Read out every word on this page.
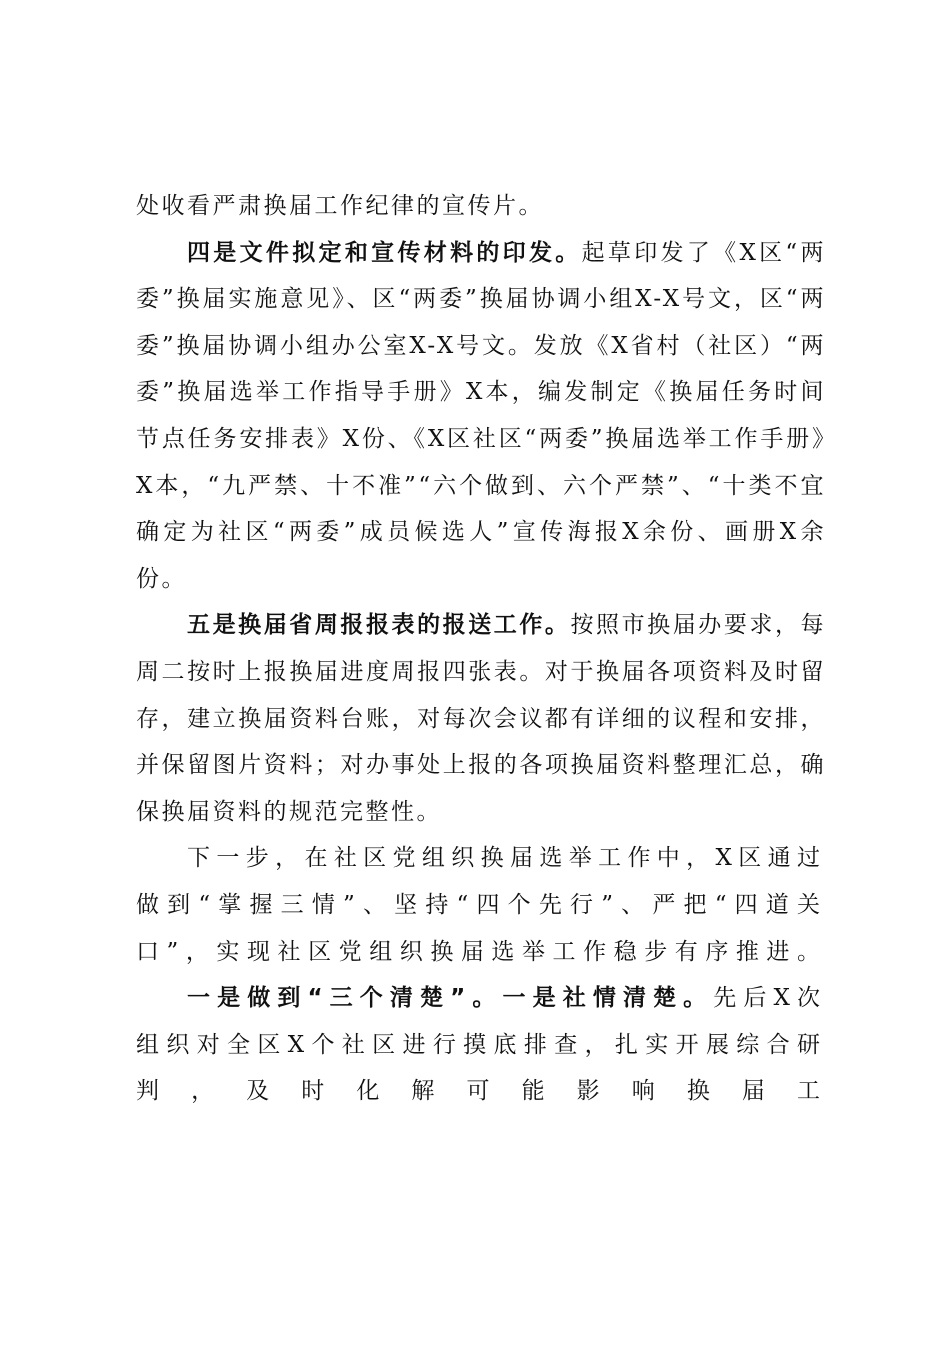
处收看严肃换届工作纪律的宣传片。

四是文件拟定和宣传材料的印发。起草印发了《X区“两委”换届实施意见》、区“两委”换届协调小组X-X号文，区“两委”换届协调小组办公室X-X号文。发放《X省村（社区）“两委”换届选举工作指导手册》X本，编发制定《换届任务时间节点任务安排表》X份、《X区社区“两委”换届选举工作手册》X本，“九严禁、十不准”“六个做到、六个严禁”、“十类不宜确定为社区“两委”成员候选人”宣传海报X余份、画册X余份。

五是换届省周报报表的报送工作。按照市换届办要求，每周二按时上报换届进度周报四张表。对于换届各项资料及时留存，建立换届资料台账，对每次会议都有详细的议程和安排，并保留图片资料；对办事处上报的各项换届资料整理汇总，确保换届资料的规范完整性。

下一步，在社区党组织换届选举工作中，X区通过做到“掌握三情”、坚持“四个先行”、严把“四道关口”，实现社区党组织换届选举工作稳步有序推进。

一是做到“三个清楚”。一是社情清楚。先后X次组织对全区X个社区进行摸底排查，扎实开展综合研判，及时化解可能影响换届工
